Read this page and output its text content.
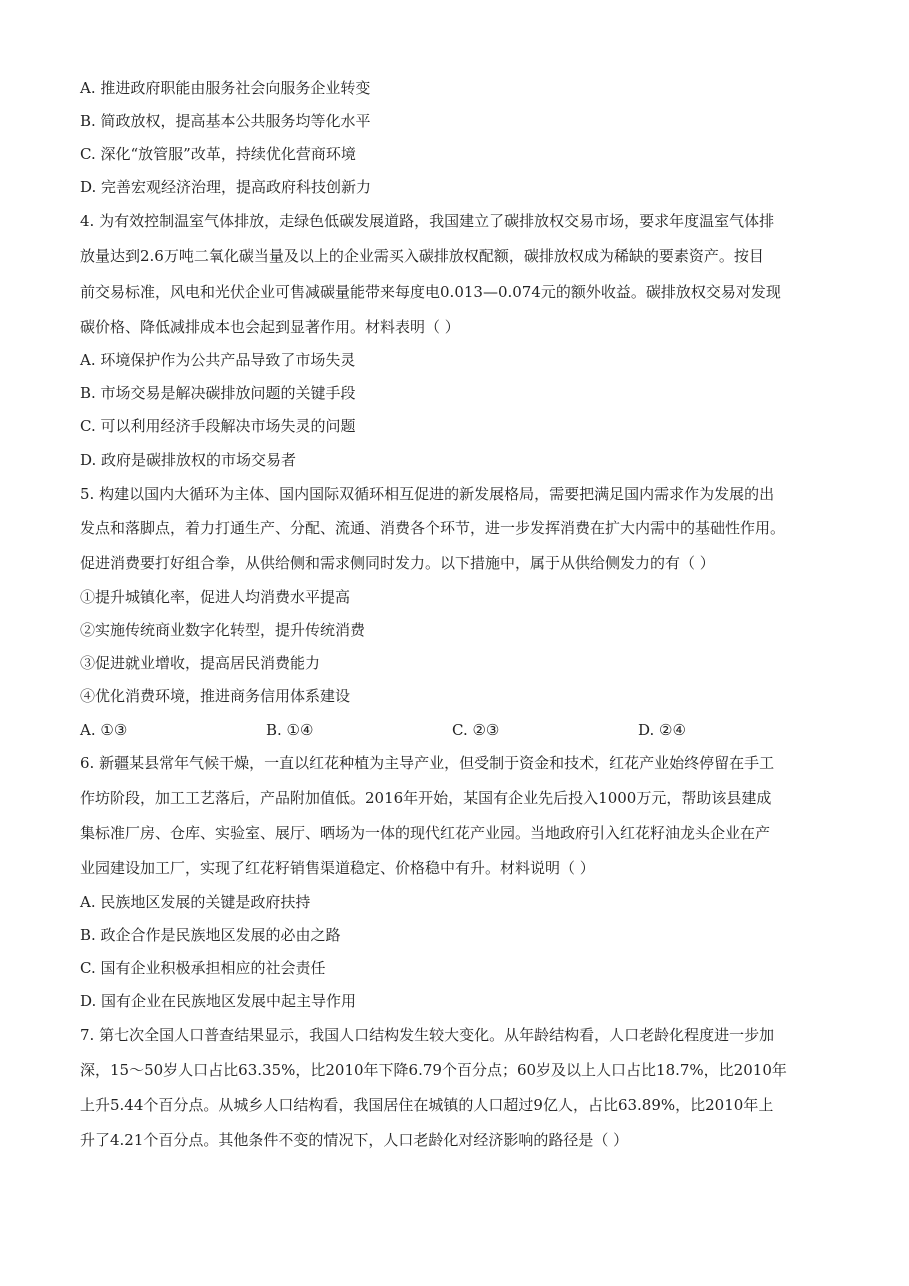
A. 推进政府职能由服务社会向服务企业转变
B. 简政放权，提高基本公共服务均等化水平
C. 深化“放管服”改革，持续优化营商环境
D. 完善宏观经济治理，提高政府科技创新力
4. 为有效控制温室气体排放，走绿色低碳发展道路，我国建立了碳排放权交易市场，要求年度温室气体排
放量达到2.6万吨二氧化碳当量及以上的企业需买入碳排放权配额，碳排放权成为稀缺的要素资产。按目
前交易标准，风电和光伏企业可售减碳量能带来每度电0.013—0.074元的额外收益。碳排放权交易对发现
碳价格、降低减排成本也会起到显著作用。材料表明（ ）
A. 环境保护作为公共产品导致了市场失灵
B. 市场交易是解决碳排放问题的关键手段
C. 可以利用经济手段解决市场失灵的问题
D. 政府是碳排放权的市场交易者
5. 构建以国内大循环为主体、国内国际双循环相互促进的新发展格局，需要把满足国内需求作为发展的出
发点和落脚点，着力打通生产、分配、流通、消费各个环节，进一步发挥消费在扩大内需中的基础性作用。
促进消费要打好组合拳，从供给侧和需求侧同时发力。以下措施中，属于从供给侧发力的有（ ）
①提升城镇化率，促进人均消费水平提高
②实施传统商业数字化转型，提升传统消费
③促进就业增收，提高居民消费能力
④优化消费环境，推进商务信用体系建设
A. ①③	B. ①④	C. ②③	D. ②④
6. 新疆某县常年气候干燥，一直以红花种植为主导产业，但受制于资金和技术，红花产业始终停留在手工
作坊阶段，加工工艺落后，产品附加值低。2016年开始，某国有企业先后投入1000万元，帮助该县建成
集标准厂房、仓库、实验室、展厅、晒场为一体的现代红花产业园。当地政府引入红花籽油龙头企业在产
业园建设加工厂，实现了红花籽销售渠道稳定、价格稳中有升。材料说明（ ）
A. 民族地区发展的关键是政府扶持
B. 政企合作是民族地区发展的必由之路
C. 国有企业积极承担相应的社会责任
D. 国有企业在民族地区发展中起主导作用
7. 第七次全国人口普查结果显示，我国人口结构发生较大变化。从年龄结构看，人口老龄化程度进一步加
深，15～50岁人口占比63.35%，比2010年下降6.79个百分点；60岁及以上人口占比18.7%，比2010年
上升5.44个百分点。从城乡人口结构看，我国居住在城镇的人口超过9亿人，占比63.89%，比2010年上
升了4.21个百分点。其他条件不变的情况下，人口老龄化对经济影响的路径是（ ）
